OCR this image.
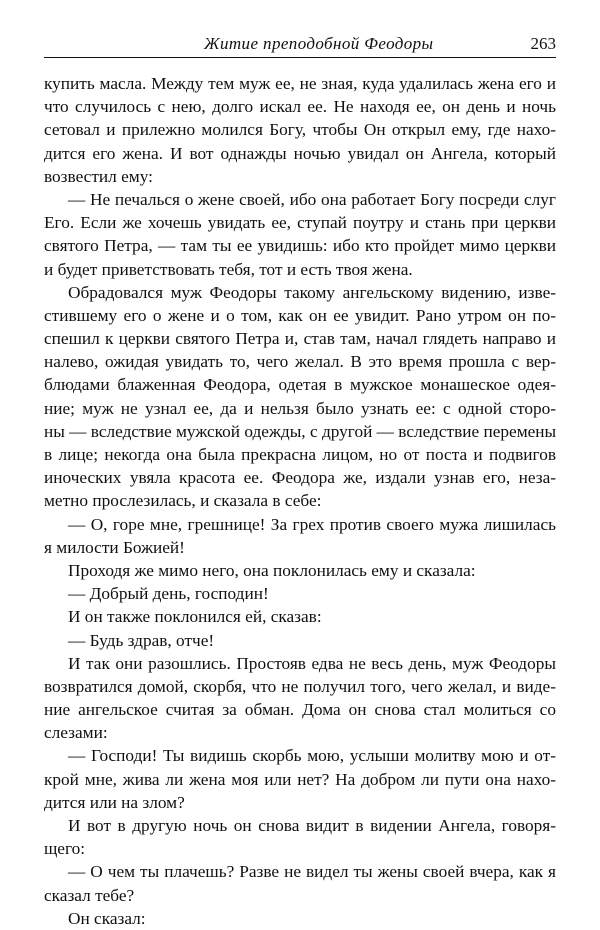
Житие преподобной Феодоры	263
купить масла. Между тем муж ее, не зная, куда удалилась жена его и
что случилось с нею, долго искал ее. Не находя ее, он день и ночь
сетовал и прилежно молился Богу, чтобы Он открыл ему, где нахо-
дится его жена. И вот однажды ночью увидал он Ангела, который
возвестил ему:
— Не печалься о жене своей, ибо она работает Богу посреди слуг
Его. Если же хочешь увидать ее, ступай поутру и стань при церкви
святого Петра, — там ты ее увидишь: ибо кто пройдет мимо церкви
и будет приветствовать тебя, тот и есть твоя жена.
Обрадовался муж Феодоры такому ангельскому видению, изве-
стившему его о жене и о том, как он ее увидит. Рано утром он по-
спешил к церкви святого Петра и, став там, начал глядеть направо и
налево, ожидая увидать то, чего желал. В это время прошла с вер-
блюдами блаженная Феодора, одетая в мужское монашеское одея-
ние; муж не узнал ее, да и нельзя было узнать ее: с одной сторо-
ны — вследствие мужской одежды, с другой — вследствие перемены
в лице; некогда она была прекрасна лицом, но от поста и подвигов
иноческих увяла красота ее. Феодора же, издали узнав его, неза-
метно прослезилась, и сказала в себе:
— О, горе мне, грешнице! За грех против своего мужа лишилась
я милости Божией!
Проходя же мимо него, она поклонилась ему и сказала:
— Добрый день, господин!
И он также поклонился ей, сказав:
— Будь здрав, отче!
И так они разошлись. Простояв едва не весь день, муж Феодоры
возвратился домой, скорбя, что не получил того, чего желал, и виде-
ние ангельское считая за обман. Дома он снова стал молиться со
слезами:
— Господи! Ты видишь скорбь мою, услыши молитву мою и от-
крой мне, жива ли жена моя или нет? На добром ли пути она нахо-
дится или на злом?
И вот в другую ночь он снова видит в видении Ангела, говоря-
щего:
— О чем ты плачешь? Разве не видел ты жены своей вчера, как я
сказал тебе?
Он сказал:
